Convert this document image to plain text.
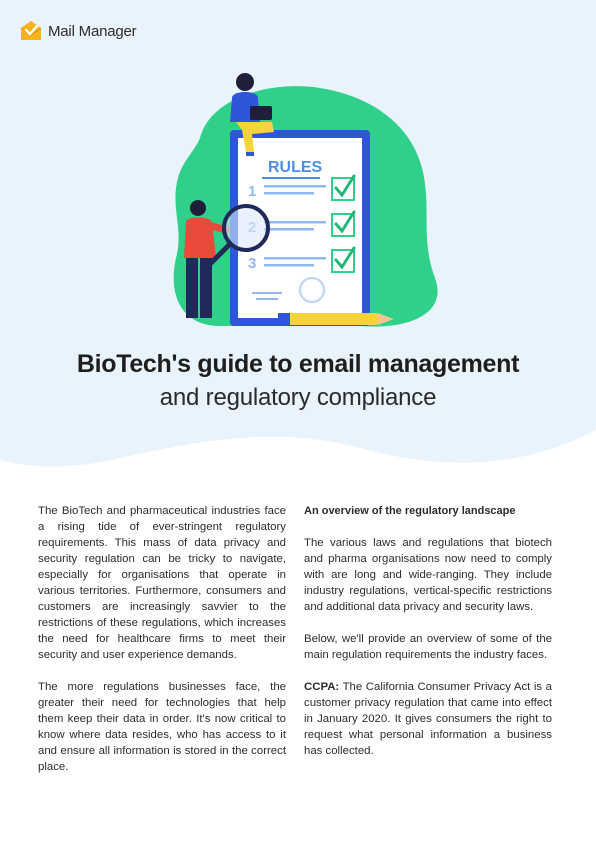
Mail Manager
RULES
1
3
BioTech's guide to email management
and regulatory compliance

The BioTech and pharmaceutical industries face a rising tide of ever-stringent regulatory requirements. This mass of data privacy and security regulation can be tricky to navigate, especially for organisations that operate in various territories. Furthermore, consumers and customers are increasingly savvier to the restrictions of these regulations, which increases the need for healthcare firms to meet their security and user experience demands.

The more regulations businesses face, the greater their need for technologies that help them keep their data in order. It's now critical to know where data resides, who has access to it and ensure all information is stored in the correct place.

An overview of the regulatory landscape

The various laws and regulations that biotech and pharma organisations now need to comply with are long and wide-ranging. They include industry regulations, vertical-specific restrictions and additional data privacy and security laws.

Below, we'll provide an overview of some of the main regulation requirements the industry faces.

CCPA: The California Consumer Privacy Act is a customer privacy regulation that came into effect in January 2020. It gives consumers the right to request what personal information a business has collected.
